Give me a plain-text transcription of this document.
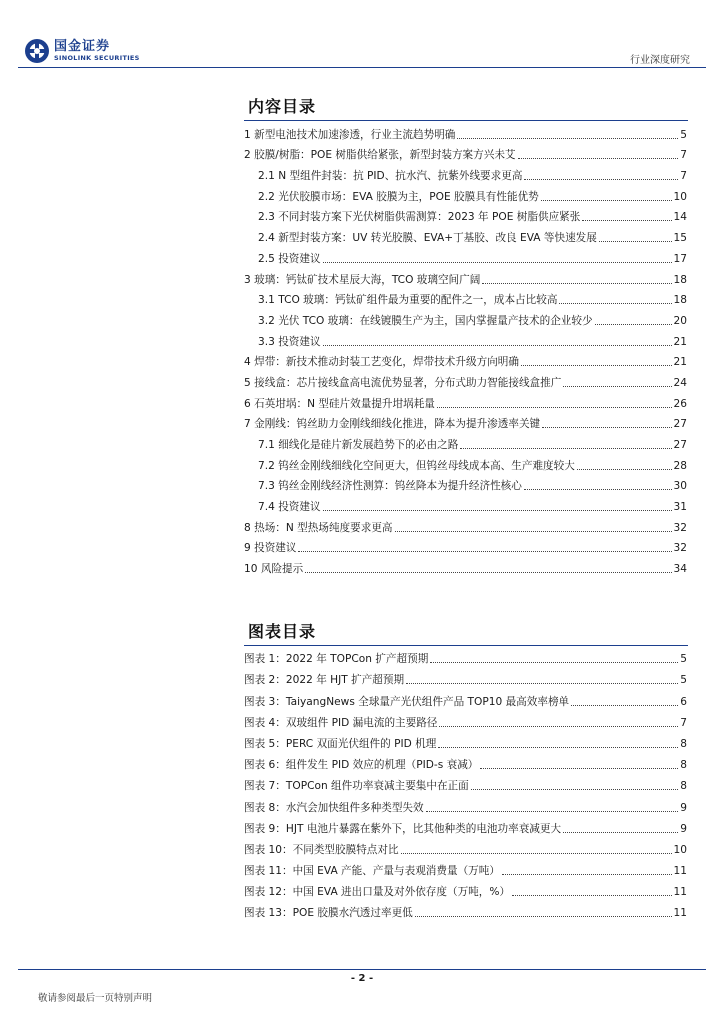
国金证券
SINOLINK SECURITIES	行业深度研究
内容目录
1 新型电池技术加速渗透，行业主流趋势明确	5
2 胶膜/树脂：POE 树脂供给紧张，新型封装方案方兴未艾	7
2.1 N 型组件封装：抗 PID、抗水汽、抗紫外线要求更高	7
2.2 光伏胶膜市场：EVA 胶膜为主，POE 胶膜具有性能优势	10
2.3 不同封装方案下光伏树脂供需测算：2023 年 POE 树脂供应紧张	14
2.4 新型封装方案：UV 转光胶膜、EVA+丁基胶、改良 EVA 等快速发展	15
2.5 投资建议	17
3 玻璃：钙钛矿技术星辰大海，TCO 玻璃空间广阔	18
3.1 TCO 玻璃：钙钛矿组件最为重要的配件之一，成本占比较高	18
3.2 光伏 TCO 玻璃：在线镀膜生产为主，国内掌握量产技术的企业较少	20
3.3 投资建议	21
4 焊带：新技术推动封装工艺变化，焊带技术升级方向明确	21
5 接线盒：芯片接线盒高电流优势显著，分布式助力智能接线盒推广	24
6 石英坩埚：N 型硅片效量提升坩埚耗量	26
7 金刚线：钨丝助力金刚线细线化推进，降本为提升渗透率关键	27
7.1 细线化是硅片新发展趋势下的必由之路	27
7.2 钨丝金刚线细线化空间更大，但钨丝母线成本高、生产难度较大	28
7.3 钨丝金刚线经济性测算：钨丝降本为提升经济性核心	30
7.4 投资建议	31
8 热场：N 型热场纯度要求更高	32
9 投资建议	32
10 风险提示	34
图表目录
图表 1：2022 年 TOPCon 扩产超预期	5
图表 2：2022 年 HJT 扩产超预期	5
图表 3：TaiyangNews 全球量产光伏组件产品 TOP10 最高效率榜单	6
图表 4：双玻组件 PID 漏电流的主要路径	7
图表 5：PERC 双面光伏组件的 PID 机理	8
图表 6：组件发生 PID 效应的机理（PID-s 衰减）	8
图表 7：TOPCon 组件功率衰减主要集中在正面	8
图表 8：水汽会加快组件多种类型失效	9
图表 9：HJT 电池片暴露在紫外下，比其他种类的电池功率衰减更大	9
图表 10：不同类型胶膜特点对比	10
图表 11：中国 EVA 产能、产量与表观消费量（万吨）	11
图表 12：中国 EVA 进出口量及对外依存度（万吨，%）	11
图表 13：POE 胶膜水汽透过率更低	11
- 2 -
敬请参阅最后一页特别声明
